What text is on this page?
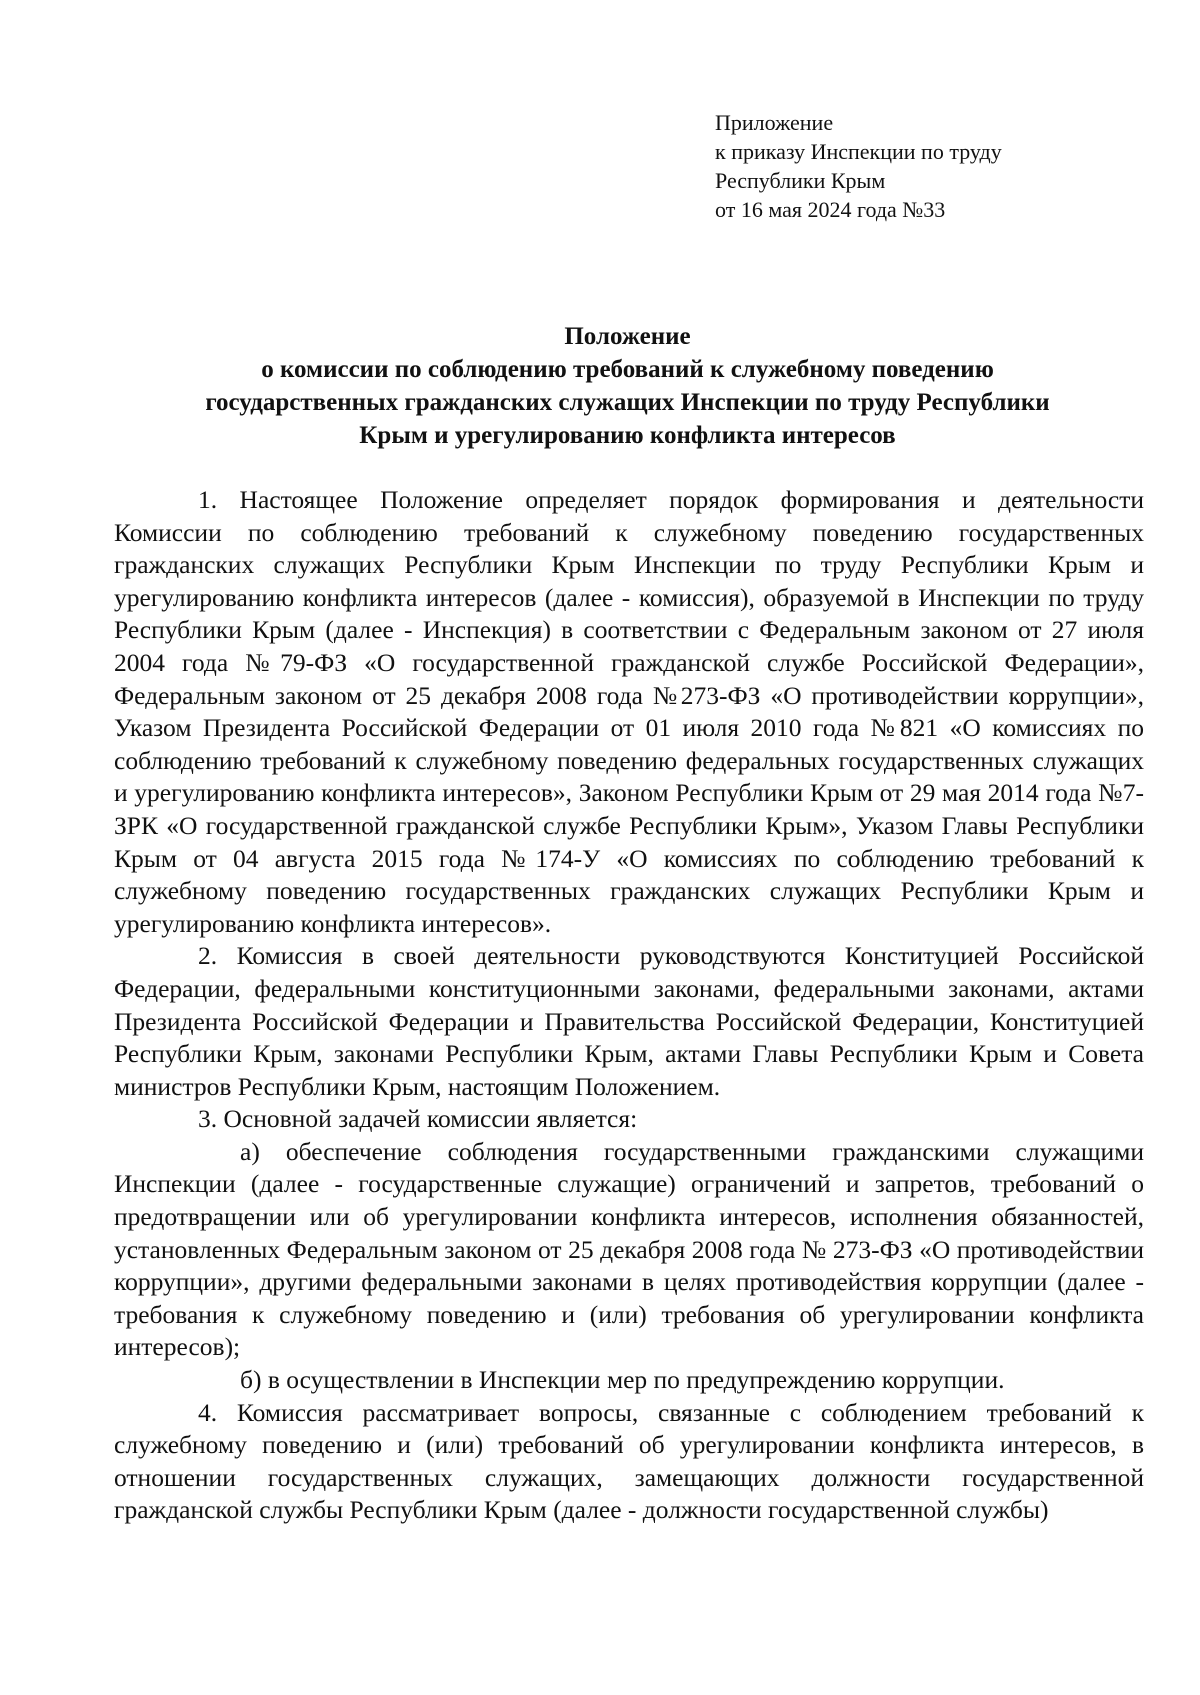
Приложение
к приказу Инспекции по труду
Республики Крым
от 16 мая 2024 года №33
Положение
о комиссии по соблюдению требований к служебному поведению
государственных гражданских служащих Инспекции по труду Республики
Крым и урегулированию конфликта интересов

1. Настоящее Положение определяет порядок формирования и деятельности Комиссии по соблюдению требований к служебному поведению государственных гражданских служащих Республики Крым Инспекции по труду Республики Крым и урегулированию конфликта интересов (далее - комиссия), образуемой в Инспекции по труду Республики Крым (далее - Инспекция) в соответствии с Федеральным законом от 27 июля 2004 года №79-ФЗ «О государственной гражданской службе Российской Федерации», Федеральным законом от 25 декабря 2008 года №273-ФЗ «О противодействии коррупции», Указом Президента Российской Федерации от 01 июля 2010 года №821 «О комиссиях по соблюдению требований к служебному поведению федеральных государственных служащих и урегулированию конфликта интересов», Законом Республики Крым от 29 мая 2014 года №7-ЗРК «О государственной гражданской службе Республики Крым», Указом Главы Республики Крым от 04 августа 2015 года №174-У «О комиссиях по соблюдению требований к служебному поведению государственных гражданских служащих Республики Крым и урегулированию конфликта интересов».

2. Комиссия в своей деятельности руководствуются Конституцией Российской Федерации, федеральными конституционными законами, федеральными законами, актами Президента Российской Федерации и Правительства Российской Федерации, Конституцией Республики Крым, законами Республики Крым, актами Главы Республики Крым и Совета министров Республики Крым, настоящим Положением.

3. Основной задачей комиссии является:

а) обеспечение соблюдения государственными гражданскими служащими Инспекции (далее - государственные служащие) ограничений и запретов, требований о предотвращении или об урегулировании конфликта интересов, исполнения обязанностей, установленных Федеральным законом от 25 декабря 2008 года № 273-ФЗ «О противодействии коррупции», другими федеральными законами в целях противодействия коррупции (далее - требования к служебному поведению и (или) требования об урегулировании конфликта интересов);

б) в осуществлении в Инспекции мер по предупреждению коррупции.

4. Комиссия рассматривает вопросы, связанные с соблюдением требований к служебному поведению и (или) требований об урегулировании конфликта интересов, в отношении государственных служащих, замещающих должности государственной гражданской службы Республики Крым (далее - должности государственной службы)
